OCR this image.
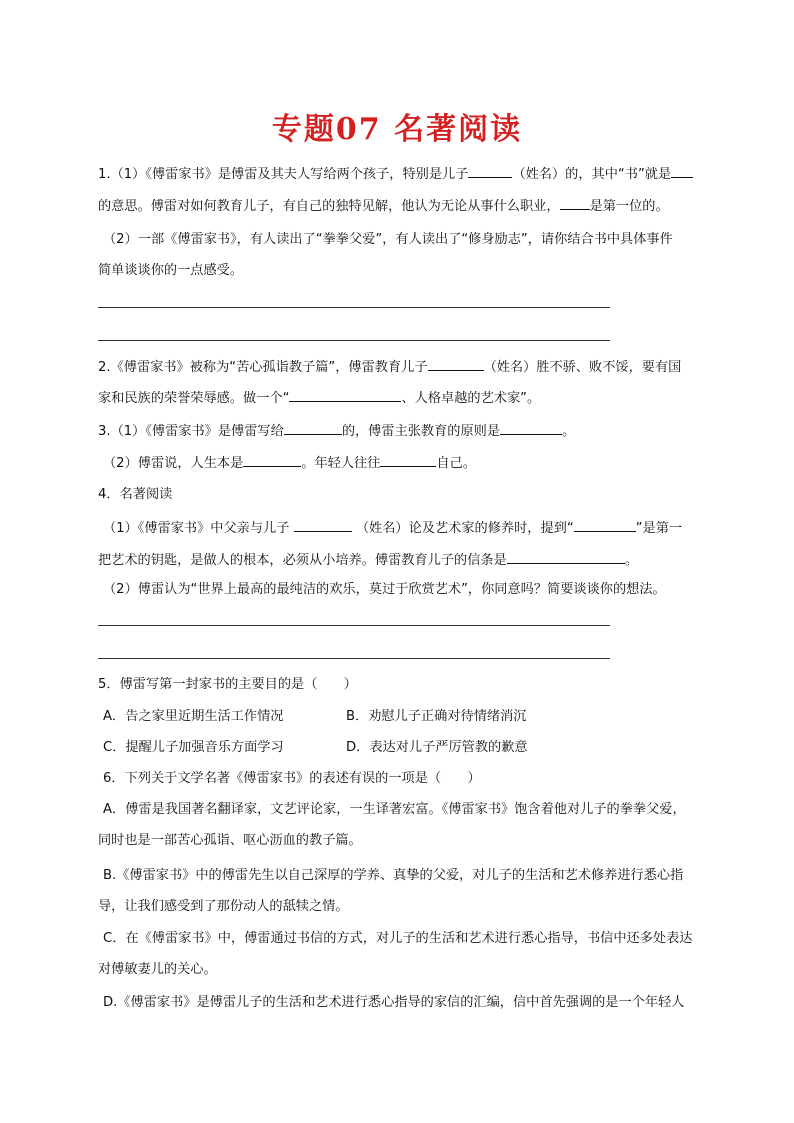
专题07 名著阅读
1.（1）《傅雷家书》是傅雷及其夫人写给两个孩子，特别是儿子	（姓名）的，其中“书”就是
的意思。傅雷对如何教育儿子，有自己的独特见解，他认为无论从事什么职业， 是第一位的。
（2）一部《傅雷家书》，有人读出了“拳拳父爱”，有人读出了“修身励志”，请你结合书中具体事件
简单谈谈你的一点感受。
2.《傅雷家书》被称为“苦心孤诣教子篇”，傅雷教育儿子	（姓名）胜不骄、败不馁，要有国
家和民族的荣誉荣辱感。做一个“	、人格卓越的艺术家”。
3.（1）《傅雷家书》是傅雷写给	的，傅雷主张教育的原则是	。
（2）傅雷说，人生本是	。年轻人往往	自己。
4．名著阅读
（1）《傅雷家书》中父亲与儿子	（姓名）论及艺术家的修养时，提到“	”是第一
把艺术的钥匙，是做人的根本，必须从小培养。傅雷教育儿子的信条是	。
（2）傅雷认为“世界上最高的最纯洁的欢乐，莫过于欣赏艺术”，你同意吗？简要谈谈你的想法。
5．傅雷写第一封家书的主要目的是（　　）
A．告之家里近期生活工作情况	B．劝慰儿子正确对待情绪消沉
C．提醒儿子加强音乐方面学习	D．表达对儿子严厉管教的歉意
6．下列关于文学名著《傅雷家书》的表述有误的一项是（　　）
A．傅雷是我国著名翻译家，文艺评论家，一生译著宏富。《傅雷家书》饱含着他对儿子的拳拳父爱，
同时也是一部苦心孤诣、呕心沥血的教子篇。
B.《傅雷家书》中的傅雷先生以自己深厚的学养、真挚的父爱，对儿子的生活和艺术修养进行悉心指
导，让我们感受到了那份动人的舐犊之情。
C．在《傅雷家书》中，傅雷通过书信的方式，对儿子的生活和艺术进行悉心指导，书信中还多处表达
对傅敏妻儿的关心。
D.《傅雷家书》是傅雷儿子的生活和艺术进行悉心指导的家信的汇编，信中首先强调的是一个年轻人
